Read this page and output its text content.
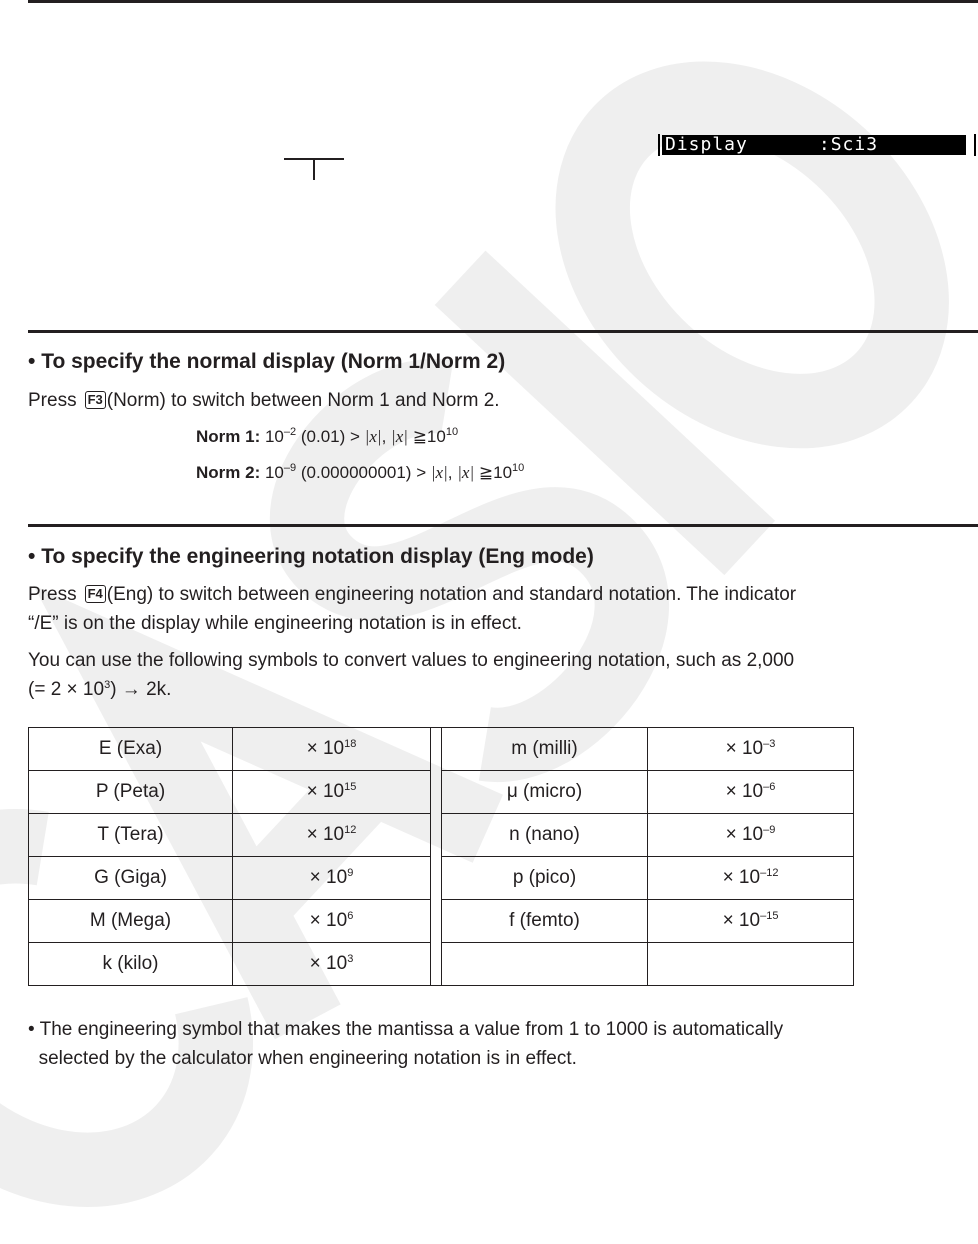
Display      :Sci3
• To specify the normal display (Norm 1/Norm 2)

Press F3 (Norm) to switch between Norm 1 and Norm 2.

Norm 1: $10^{-2}$ (0.01) > |x|, |x| $≧10^{10}$

Norm 2: $10^{-9}$ (0.000000001) > |x|, |x| $≧10^{10}$

• To specify the engineering notation display (Eng mode)

Press F4 (Eng) to switch between engineering notation and standard notation. The indicator
“/E” is on the display while engineering notation is in effect.

You can use the following symbols to convert values to engineering notation, such as 2,000
(= $2 \times 10^3) \to 2k$.

E (Exa)	× $10^{18}$		m (milli)	× $10^{-3}$
P (Peta)	× $10^{15}$		μ (micro)	× $10^{-6}$
T (Tera)	× $10^{12}$		n (nano)	× $10^{-9}$
G (Giga)	× $10^9$		p (pico)	× $10^{-12}$
M (Mega)	× $10^6$		f (femto)	× $10^{-15}$
k (kilo)	× $10^3$			

• The engineering symbol that makes the mantissa a value from 1 to 1000 is automatically
selected by the calculator when engineering notation is in effect.
